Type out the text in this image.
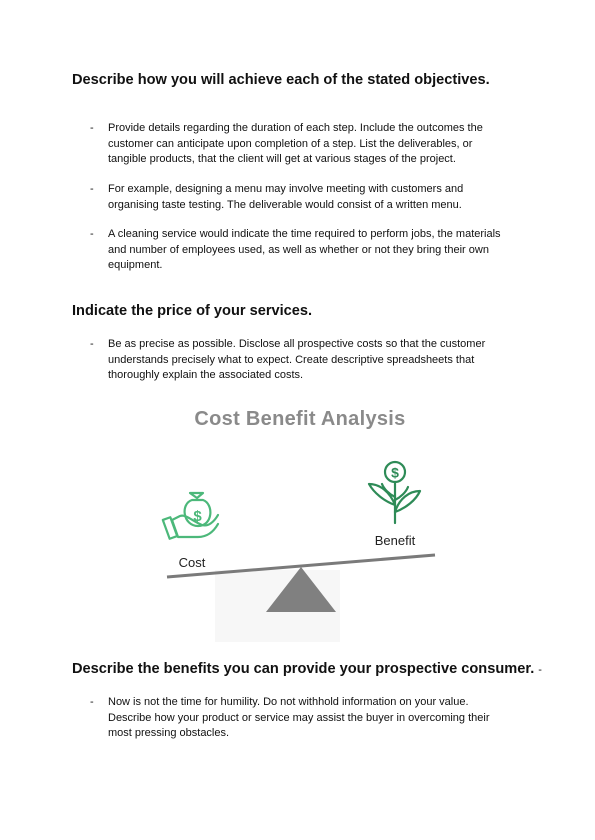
Describe how you will achieve each of the stated objectives.
- Provide details regarding the duration of each step. Include the outcomes the customer can anticipate upon completion of a step. List the deliverables, or tangible products, that the client will get at various stages of the project.
- For example, designing a menu may involve meeting with customers and organising taste testing. The deliverable would consist of a written menu.
- A cleaning service would indicate the time required to perform jobs, the materials and number of employees used, as well as whether or not they bring their own equipment.
Indicate the price of your services.
- Be as precise as possible. Disclose all prospective costs so that the customer understands precisely what to expect. Create descriptive spreadsheets that thoroughly explain the associated costs.
Cost Benefit Analysis
$
$
Cost
Benefit
Describe the benefits you can provide your prospective consumer. -
- Now is not the time for humility. Do not withhold information on your value. Describe how your product or service may assist the buyer in overcoming their most pressing obstacles.
